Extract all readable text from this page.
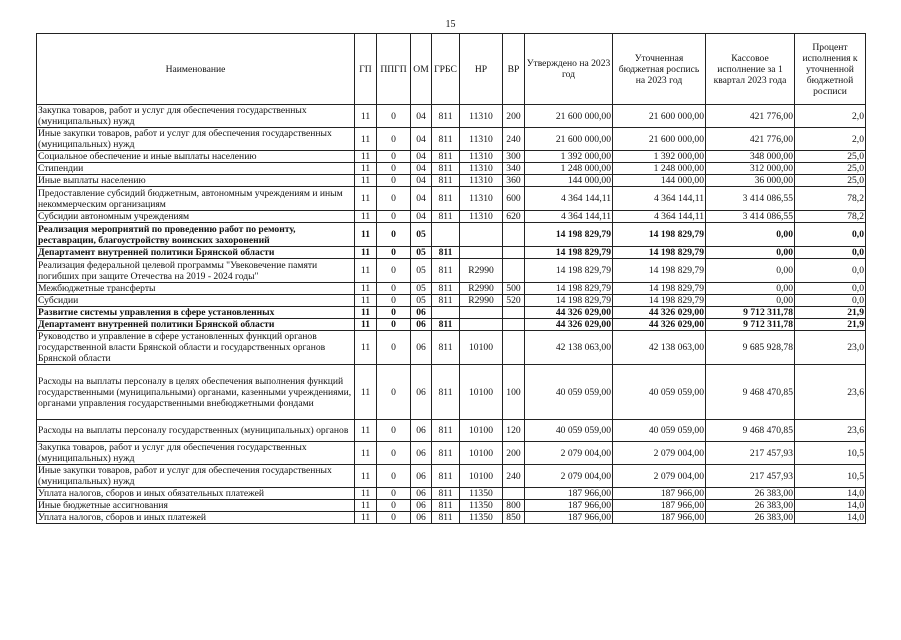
15
Наименование	ГП	ППГП	ОМ	ГРБС	НР	ВР	Утверждено на 2023 год	Уточненная бюджетная роспись на 2023 год	Кассовое исполнение за 1 квартал 2023 года	Процент исполнения к уточненной бюджетной росписи
Закупка товаров, работ и услуг для обеспечения государственных (муниципальных) нужд	11	0	04	811	11310	200	21 600 000,00	21 600 000,00	421 776,00	2,0
Иные закупки товаров, работ и услуг для обеспечения государственных (муниципальных) нужд	11	0	04	811	11310	240	21 600 000,00	21 600 000,00	421 776,00	2,0
Социальное обеспечение и иные выплаты населению	11	0	04	811	11310	300	1 392 000,00	1 392 000,00	348 000,00	25,0
Стипендии	11	0	04	811	11310	340	1 248 000,00	1 248 000,00	312 000,00	25,0
Иные выплаты населению	11	0	04	811	11310	360	144 000,00	144 000,00	36 000,00	25,0
Предоставление субсидий бюджетным, автономным учреждениям и иным некоммерческим организациям	11	0	04	811	11310	600	4 364 144,11	4 364 144,11	3 414 086,55	78,2
Субсидии автономным учреждениям	11	0	04	811	11310	620	4 364 144,11	4 364 144,11	3 414 086,55	78,2
Реализация мероприятий по проведению работ по ремонту, реставрации, благоустройству воинских захоронений	11	0	05				14 198 829,79	14 198 829,79	0,00	0,0
Департамент внутренней политики Брянской области	11	0	05	811			14 198 829,79	14 198 829,79	0,00	0,0
Реализация федеральной целевой программы "Увековечение памяти погибших при защите Отечества на 2019 - 2024 годы"	11	0	05	811	R2990		14 198 829,79	14 198 829,79	0,00	0,0
Межбюджетные трансферты	11	0	05	811	R2990	500	14 198 829,79	14 198 829,79	0,00	0,0
Субсидии	11	0	05	811	R2990	520	14 198 829,79	14 198 829,79	0,00	0,0
Развитие системы управления в сфере установленных	11	0	06				44 326 029,00	44 326 029,00	9 712 311,78	21,9
Департамент внутренней политики Брянской области	11	0	06	811			44 326 029,00	44 326 029,00	9 712 311,78	21,9
Руководство и управление в сфере установленных функций органов государственной власти Брянской области и государственных органов Брянской области	11	0	06	811	10100		42 138 063,00	42 138 063,00	9 685 928,78	23,0
Расходы на выплаты персоналу в целях обеспечения выполнения функций государственными (муниципальными) органами, казенными учреждениями, органами управления государственными внебюджетными фондами	11	0	06	811	10100	100	40 059 059,00	40 059 059,00	9 468 470,85	23,6
Расходы на выплаты персоналу государственных (муниципальных) органов	11	0	06	811	10100	120	40 059 059,00	40 059 059,00	9 468 470,85	23,6
Закупка товаров, работ и услуг для обеспечения государственных (муниципальных) нужд	11	0	06	811	10100	200	2 079 004,00	2 079 004,00	217 457,93	10,5
Иные закупки товаров, работ и услуг для обеспечения государственных (муниципальных) нужд	11	0	06	811	10100	240	2 079 004,00	2 079 004,00	217 457,93	10,5
Уплата налогов, сборов и иных обязательных платежей	11	0	06	811	11350		187 966,00	187 966,00	26 383,00	14,0
Иные бюджетные ассигнования	11	0	06	811	11350	800	187 966,00	187 966,00	26 383,00	14,0
Уплата налогов, сборов и иных платежей	11	0	06	811	11350	850	187 966,00	187 966,00	26 383,00	14,0
